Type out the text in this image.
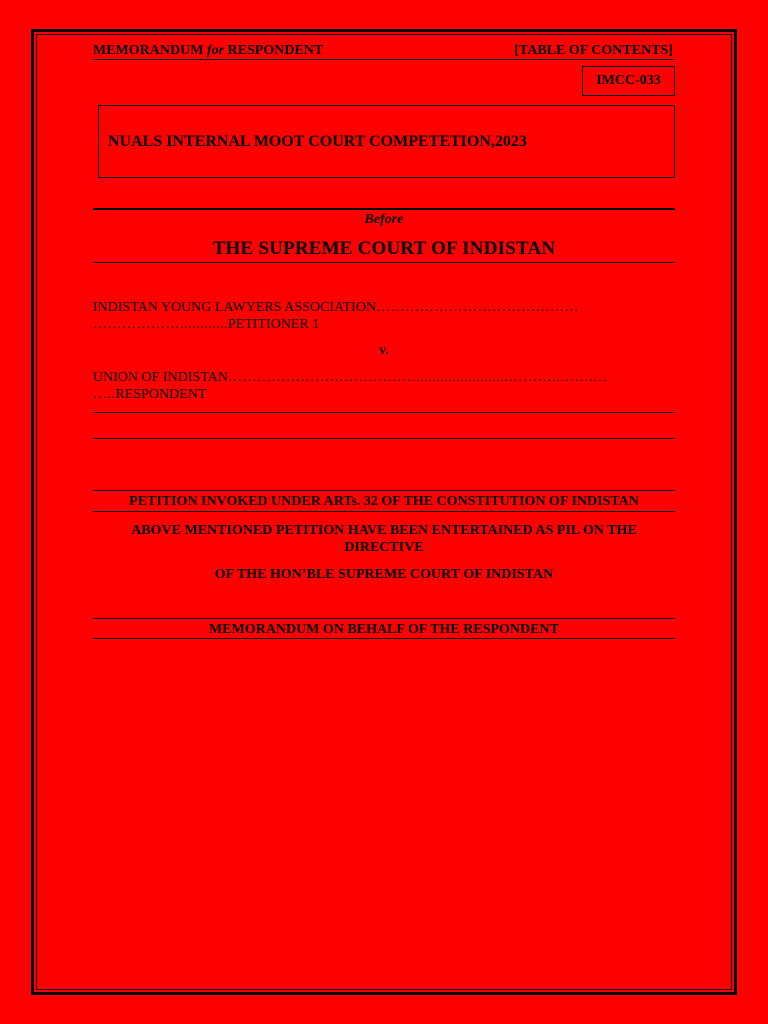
MEMORANDUM for RESPONDENT	[TABLE OF CONTENTS]
IMCC-033
NUALS INTERNAL MOOT COURT COMPETETION,2023
Before
THE SUPREME COURT OF INDISTAN
INDISTAN YOUNG LAWYERS ASSOCIATION……………………………………
………………............PETITIONER 1
v.
UNION OF INDISTAN………………………………….......................………..…….…
…..RESPONDENT
PETITION INVOKED UNDER ARTs. 32 OF THE CONSTITUTION OF INDISTAN
ABOVE MENTIONED PETITION HAVE BEEN ENTERTAINED AS PIL ON THE DIRECTIVE
OF THE HON’BLE SUPREME COURT OF INDISTAN
MEMORANDUM ON BEHALF OF THE RESPONDENT
